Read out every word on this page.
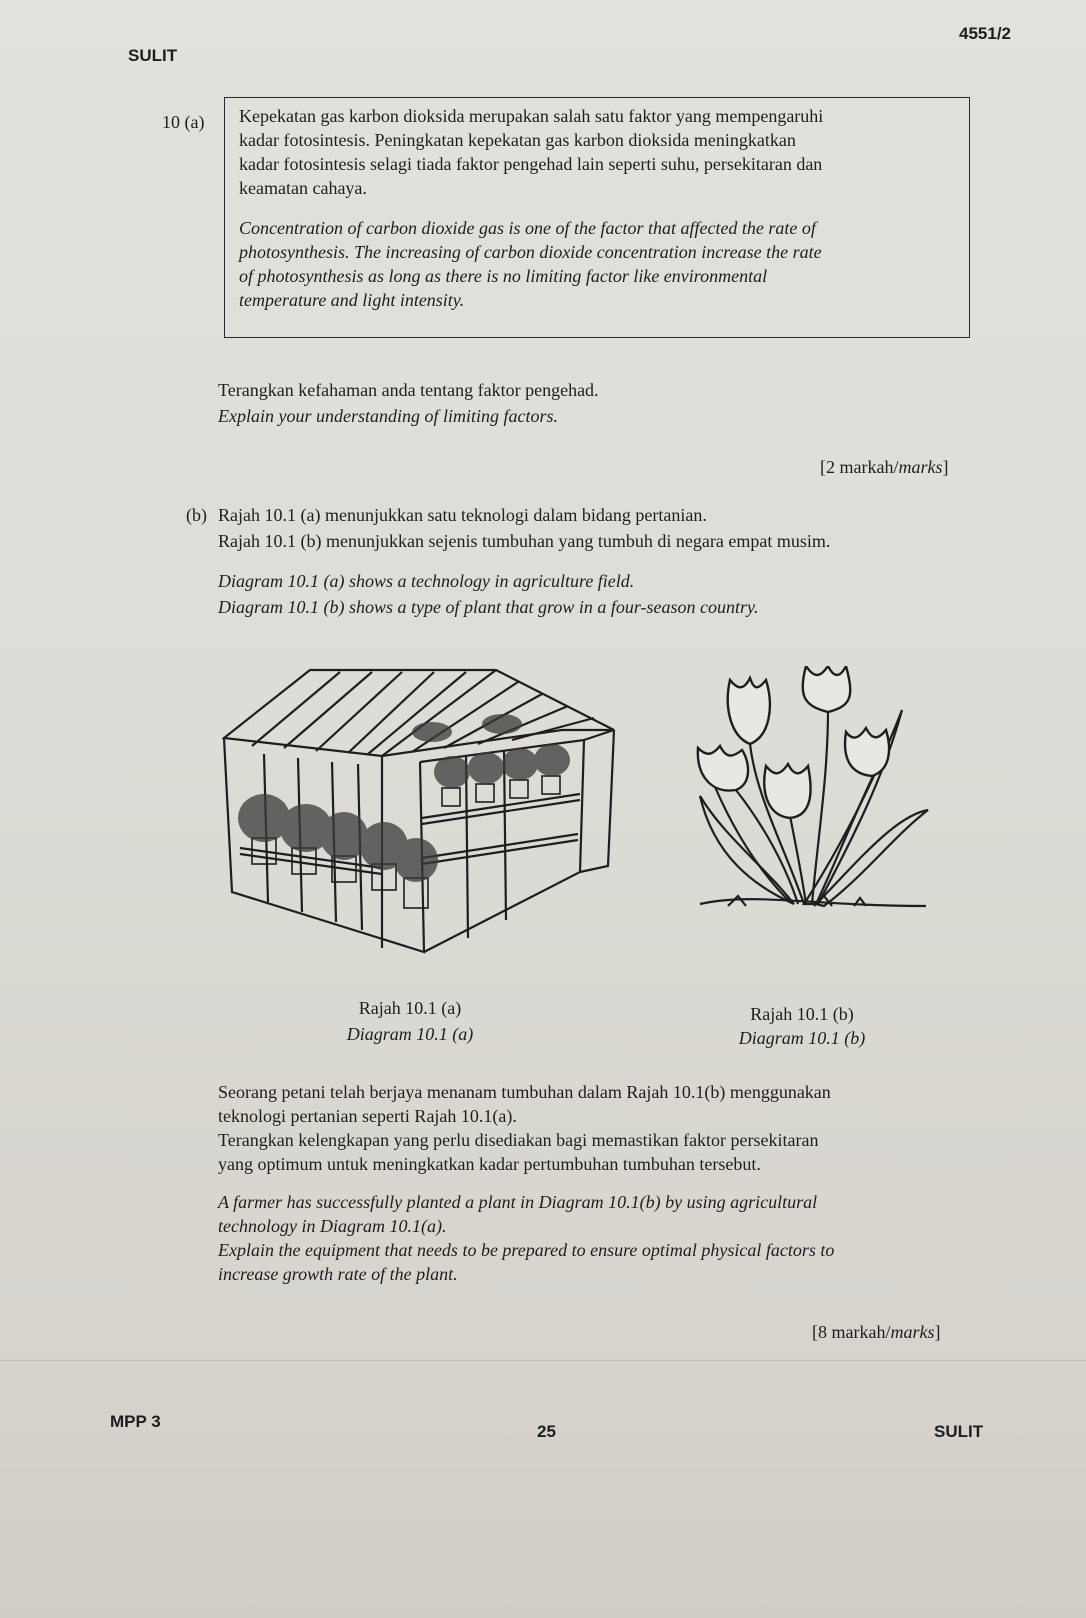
4551/2
SULIT
10 (a) Kepekatan gas karbon dioksida merupakan salah satu faktor yang mempengaruhi

kadar fotosintesis. Peningkatan kepekatan gas karbon dioksida meningkatkan

kadar fotosintesis selagi tiada faktor pengehad lain seperti suhu, persekitaran dan

keamatan cahaya.

Concentration of carbon dioxide gas is one of the factor that affected the rate of

photosynthesis. The increasing of carbon dioxide concentration increase the rate

of photosynthesis as long as there is no limiting factor like environmental

temperature and light intensity.

Terangkan kefahaman anda tentang faktor pengehad.
Explain your understanding of limiting factors.
[2 markah/marks]
(b) Rajah 10.1 (a) menunjukkan satu teknologi dalam bidang pertanian.
Rajah 10.1 (b) menunjukkan sejenis tumbuhan yang tumbuh di negara empat musim.
Diagram 10.1 (a) shows a technology in agriculture field.
Diagram 10.1 (b) shows a type of plant that grow in a four-season country.
Rajah 10.1 (a)
Diagram 10.1 (a)
Rajah 10.1 (b)
Diagram 10.1 (b)
Seorang petani telah berjaya menanam tumbuhan dalam Rajah 10.1(b) menggunakan
teknologi pertanian seperti Rajah 10.1(a).
Terangkan kelengkapan yang perlu disediakan bagi memastikan faktor persekitaran
yang optimum untuk meningkatkan kadar pertumbuhan tumbuhan tersebut.
A farmer has successfully planted a plant in Diagram 10.1(b) by using agricultural
technology in Diagram 10.1(a).
Explain the equipment that needs to be prepared to ensure optimal physical factors to
increase growth rate of the plant.
[8 markah/marks]
MPP 3
25	SULIT
